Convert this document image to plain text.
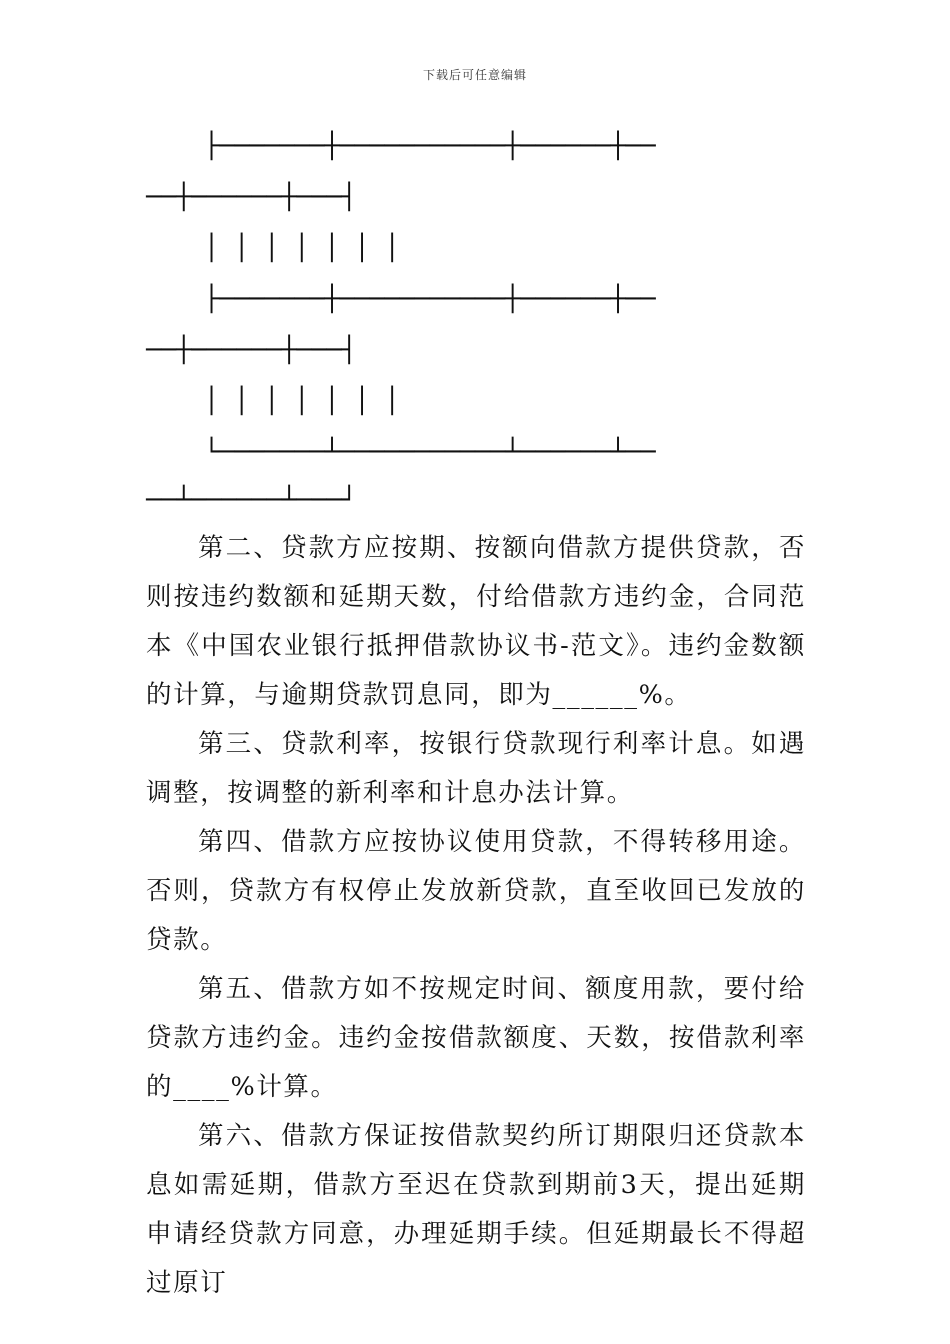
下载后可任意编辑
├───────┼───────────┼──────┼──
──┼──────┼───┤
│ │ │ │ │ │ │
├───────┼───────────┼──────┼──
──┼──────┼───┤
│ │ │ │ │ │ │
└───────┴───────────┴──────┴──
──┴──────┴───┘

第二、贷款方应按期、按额向借款方提供贷款，否则按违约数额和延期天数，付给借款方违约金，合同范本《中国农业银行抵押借款协议书-范文》。违约金数额的计算，与逾期贷款罚息同，即为______%。

第三、贷款利率，按银行贷款现行利率计息。如遇调整，按调整的新利率和计息办法计算。

第四、借款方应按协议使用贷款，不得转移用途。否则，贷款方有权停止发放新贷款，直至收回已发放的贷款。

第五、借款方如不按规定时间、额度用款，要付给贷款方违约金。违约金按借款额度、天数，按借款利率的____%计算。

第六、借款方保证按借款契约所订期限归还贷款本息如需延期，借款方至迟在贷款到期前3天，提出延期申请经贷款方同意，办理延期手续。但延期最长不得超过原订
